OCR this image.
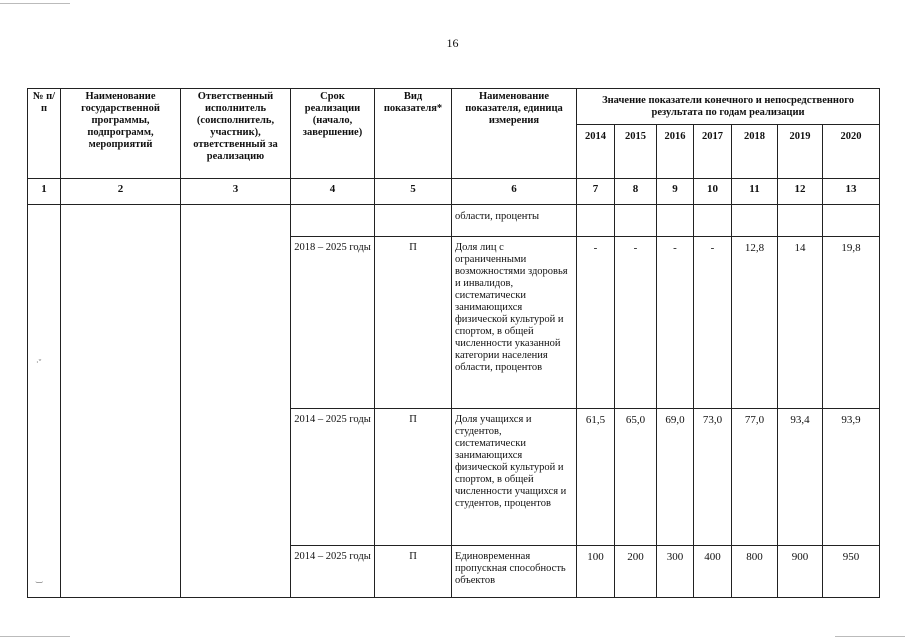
·ˇ
‿
16
№ п/п	Наименование государственной программы, подпрограмм, мероприятий	Ответственный исполнитель (соисполнитель, участник), ответственный за реализацию	Срок реализации (начало, завершение)	Вид показателя*	Наименование показателя, единица измерения	Значение показатели конечного и непосредственного результата по годам реализации						
						2014	2015	2016	2017	2018	2019	2020
1	2	3	4	5	6	7	8	9	10	11	12	13
					области, проценты							
			2018 – 2025 годы	П	Доля лиц с ограниченными возможностями здоровья и инвалидов, систематически занимающихся физической культурой и спортом, в общей численности указанной категории населения области, процентов	-	-	-	-	12,8	14	19,8
			2014 – 2025 годы	П	Доля учащихся и студентов, систематически занимающихся физической культурой и спортом, в общей численности учащихся и студентов, процентов	61,5	65,0	69,0	73,0	77,0	93,4	93,9
			2014 – 2025 годы	П	Единовременная пропускная способность объектов	100	200	300	400	800	900	950
